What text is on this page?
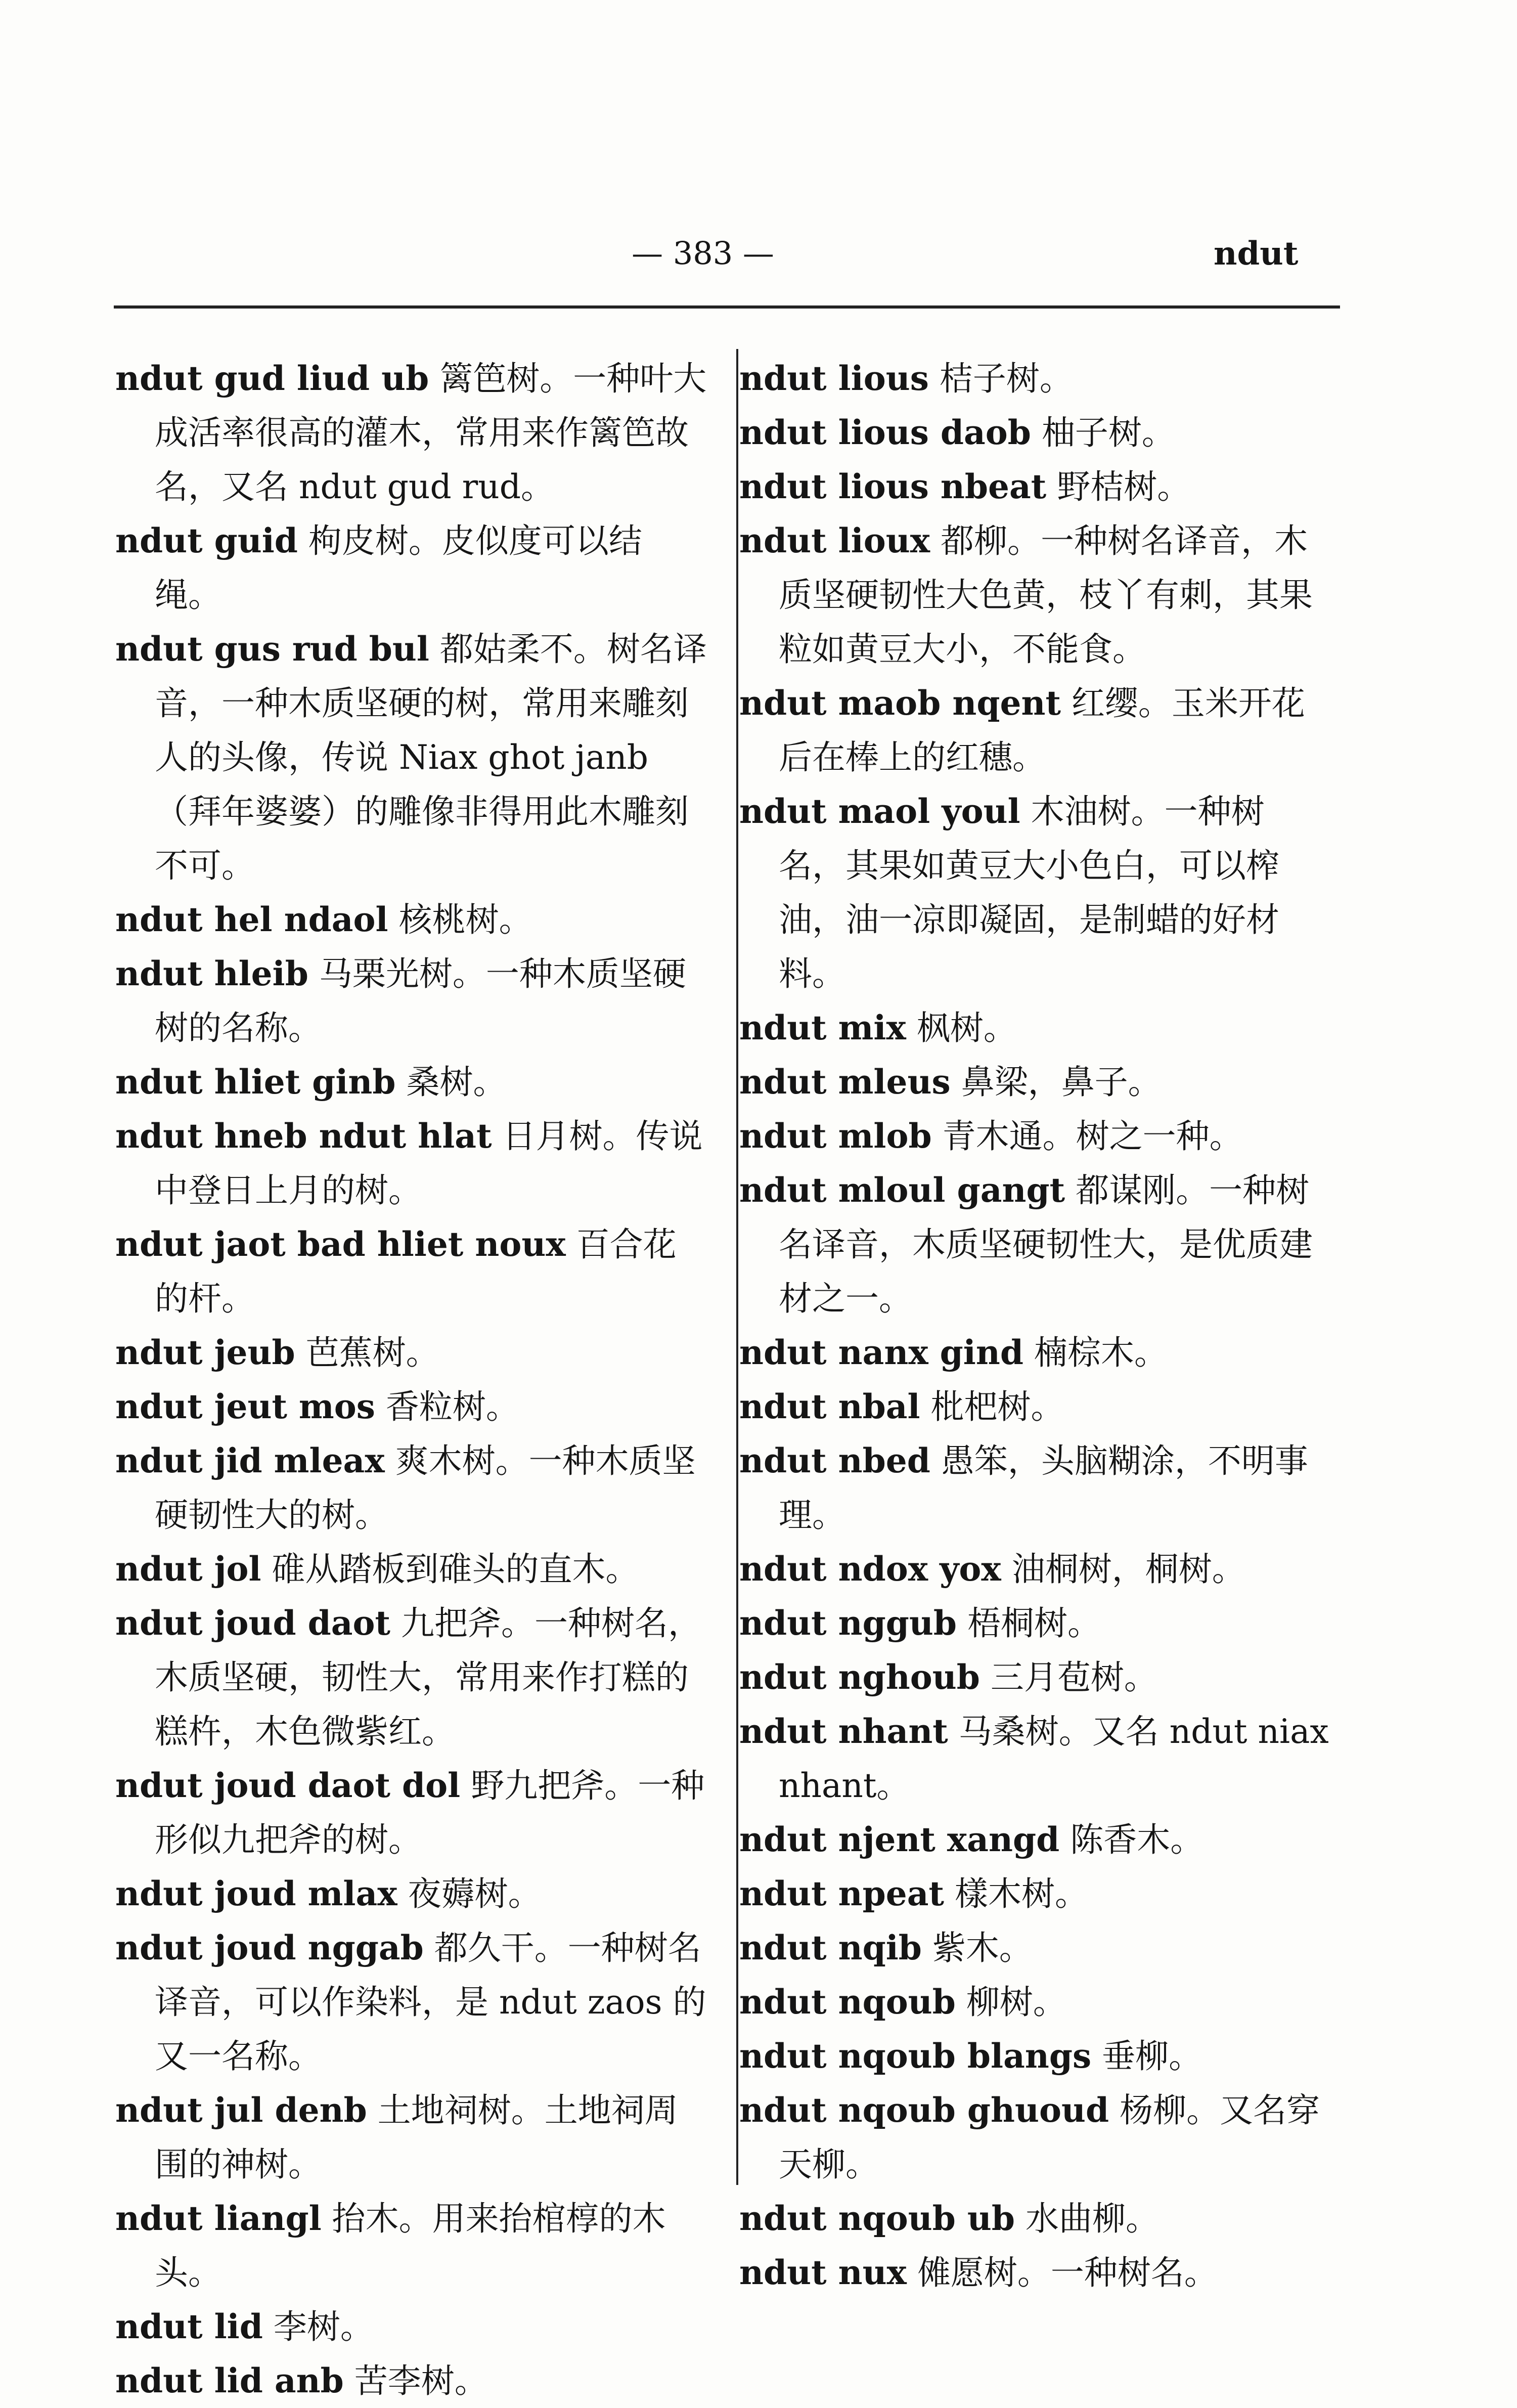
— 383 —	ndut

ndut gud liud ub 篱笆树。一种叶大成活率很高的灌木，常用来作篱笆故名，又名 ndut gud rud。

ndut guid 枸皮树。皮似度可以结绳。

ndut gus rud bul 都姑柔不。树名译音，一种木质坚硬的树，常用来雕刻人的头像，传说 Niax ghot janb（拜年婆婆）的雕像非得用此木雕刻不可。

ndut hel ndaol 核桃树。

ndut hleib 马栗光树。一种木质坚硬树的名称。

ndut hliet ginb 桑树。

ndut hneb ndut hlat 日月树。传说中登日上月的树。

ndut jaot bad hliet noux 百合花的杆。

ndut jeub 芭蕉树。

ndut jeut mos 香粒树。

ndut jid mleax 爽木树。一种木质坚硬韧性大的树。

ndut jol 碓从踏板到碓头的直木。

ndut joud daot 九把斧。一种树名，木质坚硬，韧性大，常用来作打糕的糕杵，木色微紫红。

ndut joud daot dol 野九把斧。一种形似九把斧的树。

ndut joud mlax 夜薅树。

ndut joud nggab 都久干。一种树名译音，可以作染料，是 ndut zaos 的又一名称。

ndut jul denb 土地祠树。土地祠周围的神树。

ndut liangl 抬木。用来抬棺椁的木头。

ndut lid 李树。

ndut lid anb 苦李树。

ndut lious 桔子树。

ndut lious daob 柚子树。

ndut lious nbeat 野桔树。

ndut lioux 都柳。一种树名译音，木质坚硬韧性大色黄，枝丫有刺，其果粒如黄豆大小，不能食。

ndut maob nqent 红缨。玉米开花后在棒上的红穗。

ndut maol youl 木油树。一种树名，其果如黄豆大小色白，可以榨油，油一凉即凝固，是制蜡的好材料。

ndut mix 枫树。

ndut mleus 鼻梁，鼻子。

ndut mlob 青木通。树之一种。

ndut mloul gangt 都谋刚。一种树名译音，木质坚硬韧性大，是优质建材之一。

ndut nanx gind 楠棕木。

ndut nbal 枇杷树。

ndut nbed 愚笨，头脑糊涂，不明事理。

ndut ndox yox 油桐树，桐树。

ndut nggub 梧桐树。

ndut nghoub 三月苞树。

ndut nhant 马桑树。又名 ndut niax nhant。

ndut njent xangd 陈香木。

ndut npeat 樣木树。

ndut nqib 紫木。

ndut nqoub 柳树。

ndut nqoub blangs 垂柳。

ndut nqoub ghuoud 杨柳。又名穿天柳。

ndut nqoub ub 水曲柳。

ndut nux 傩愿树。一种树名。
